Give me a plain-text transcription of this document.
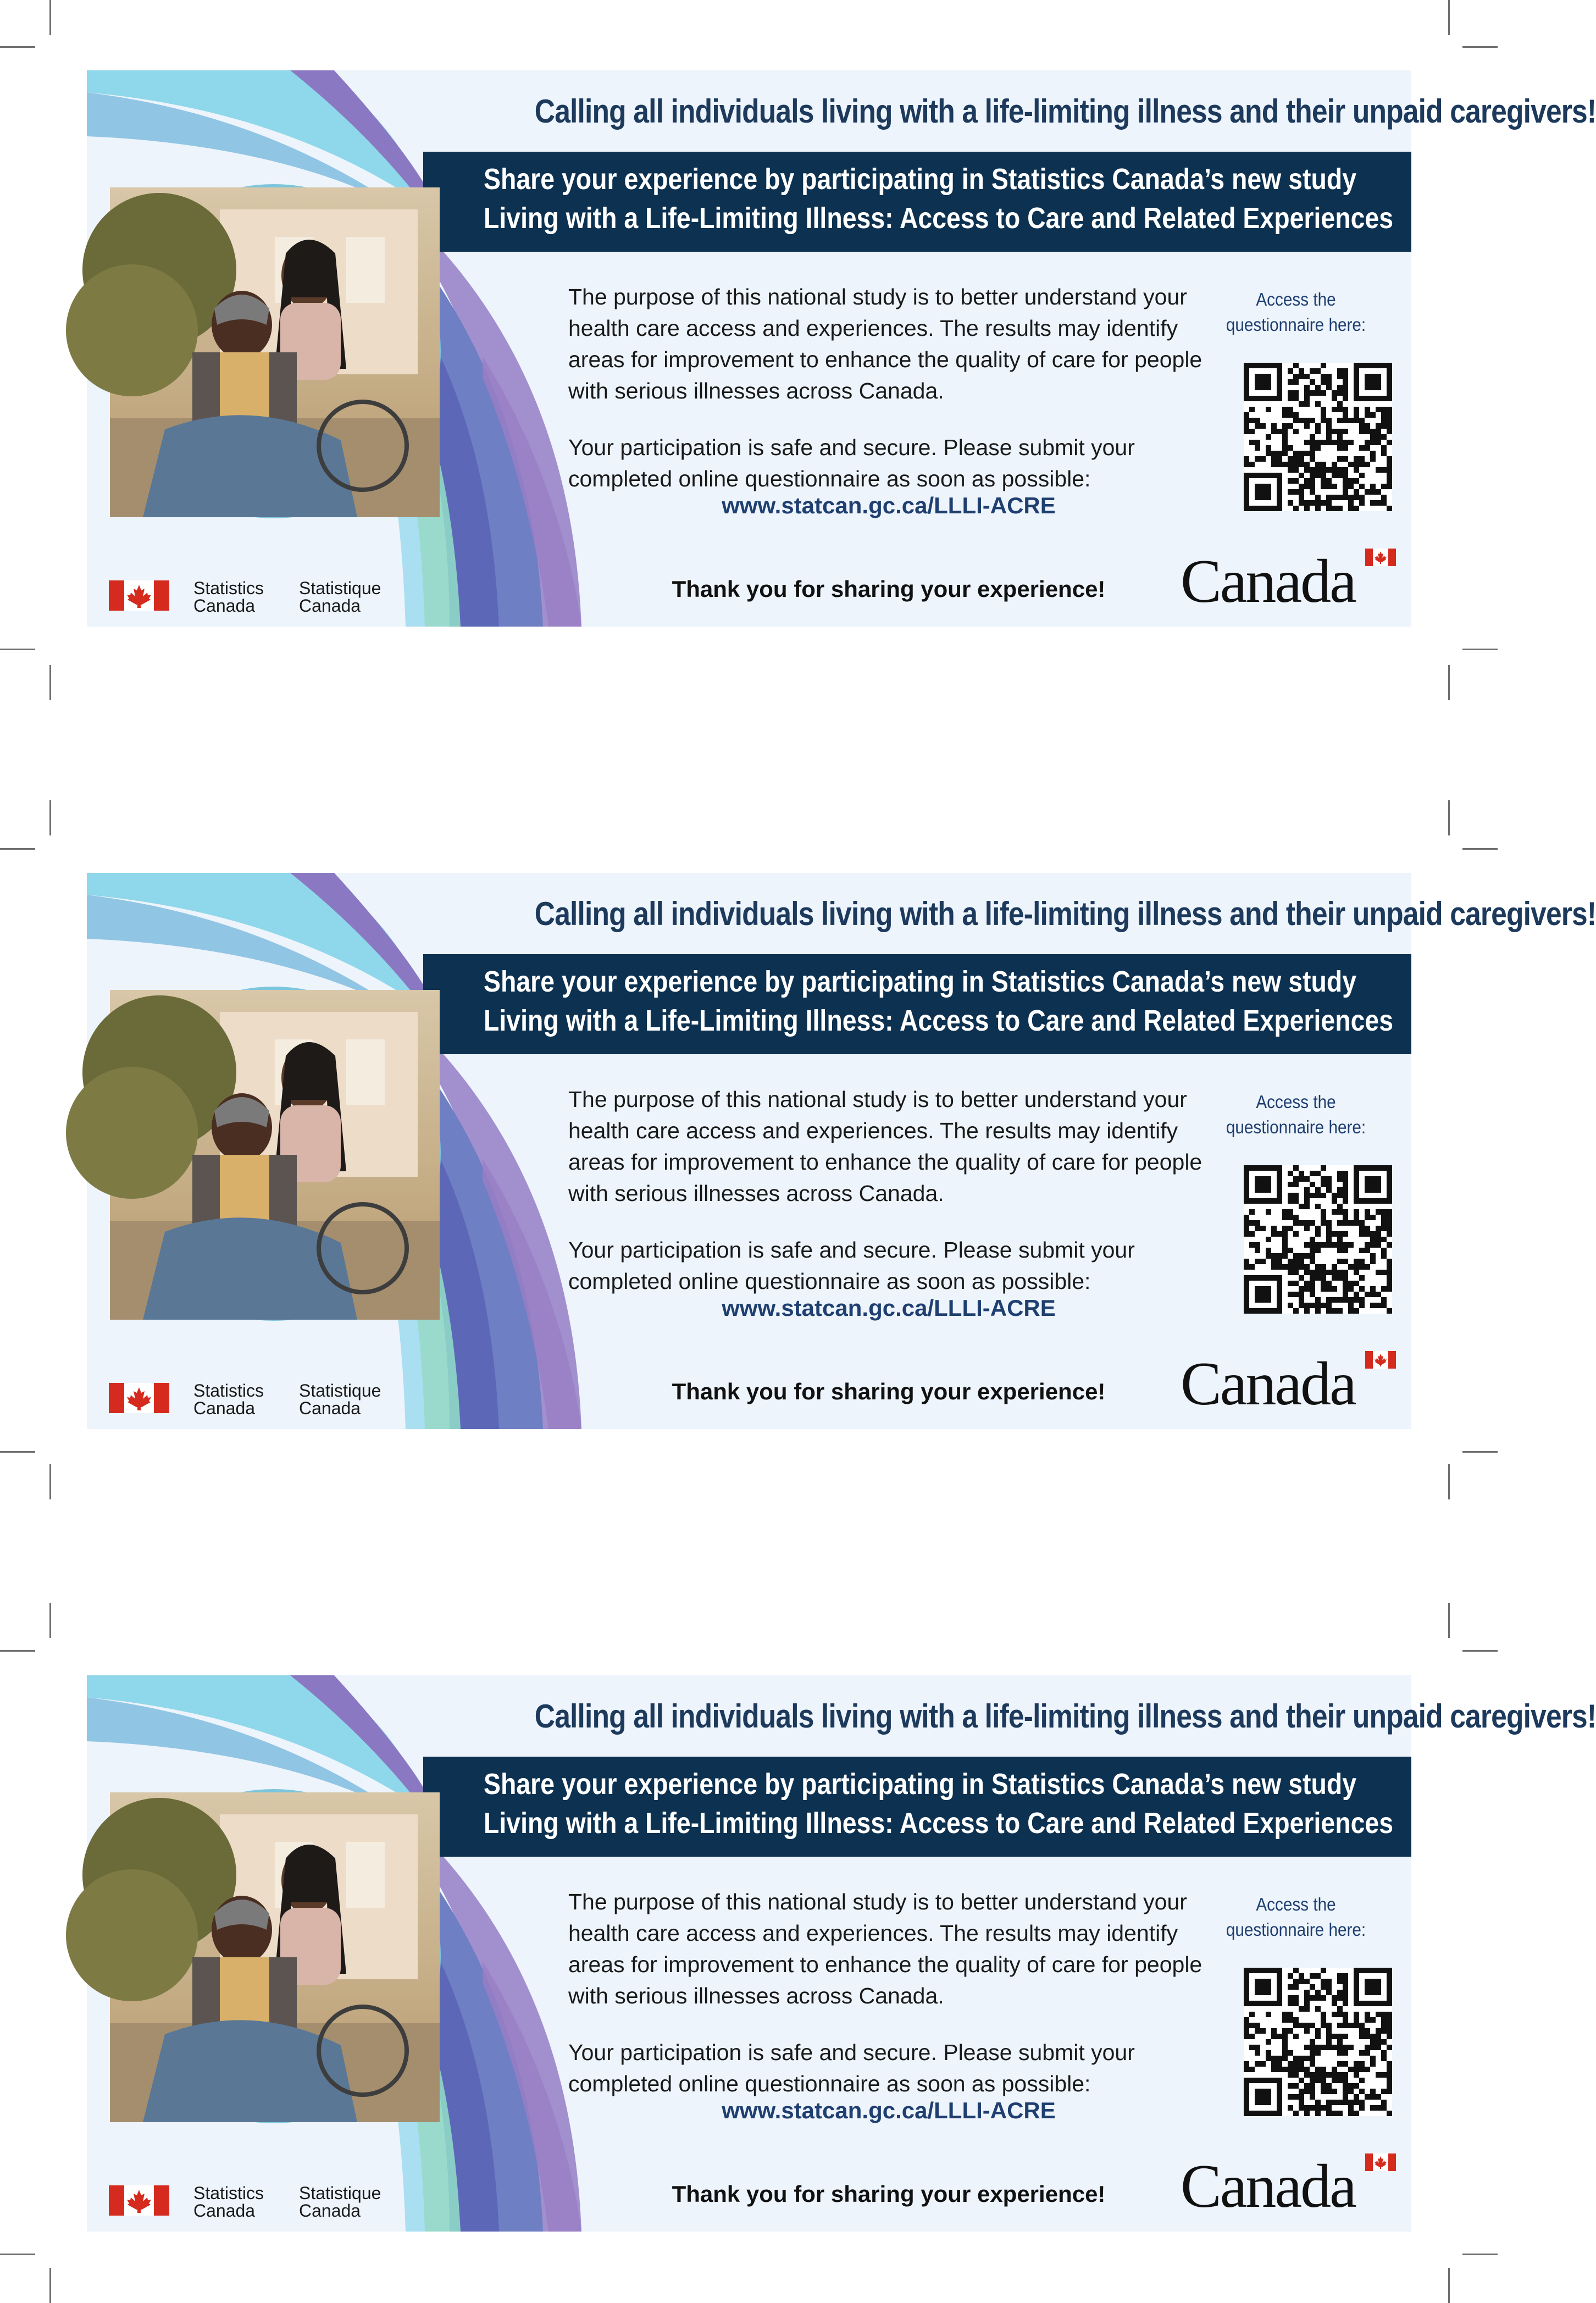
Calling all individuals living with a life-limiting illness and their unpaid caregivers!
Share your experience by participating in Statistics Canada’s new study
Living with a Life-Limiting Illness: Access to Care and Related Experiences
The purpose of this national study is to better understand your health care access and experiences. The results may identify areas for improvement to enhance the quality of care for people with serious illnesses across Canada.
Your participation is safe and secure. Please submit your completed online questionnaire as soon as possible:
www.statcan.gc.ca/LLLI-ACRE
Thank you for sharing your experience!
Access the
questionnaire here:
Statistics
Canada
Statistique
Canada	Canada
Calling all individuals living with a life-limiting illness and their unpaid caregivers!
Share your experience by participating in Statistics Canada’s new study
Living with a Life-Limiting Illness: Access to Care and Related Experiences
The purpose of this national study is to better understand your health care access and experiences. The results may identify areas for improvement to enhance the quality of care for people with serious illnesses across Canada.
Your participation is safe and secure. Please submit your completed online questionnaire as soon as possible:
www.statcan.gc.ca/LLLI-ACRE
Thank you for sharing your experience!
Access the
questionnaire here:
Statistics
Canada
Statistique
Canada	Canada
Calling all individuals living with a life-limiting illness and their unpaid caregivers!
Share your experience by participating in Statistics Canada’s new study
Living with a Life-Limiting Illness: Access to Care and Related Experiences
The purpose of this national study is to better understand your health care access and experiences. The results may identify areas for improvement to enhance the quality of care for people with serious illnesses across Canada.
Your participation is safe and secure. Please submit your completed online questionnaire as soon as possible:
www.statcan.gc.ca/LLLI-ACRE
Thank you for sharing your experience!
Access the
questionnaire here:
Statistics
Canada
Statistique
Canada	Canada
